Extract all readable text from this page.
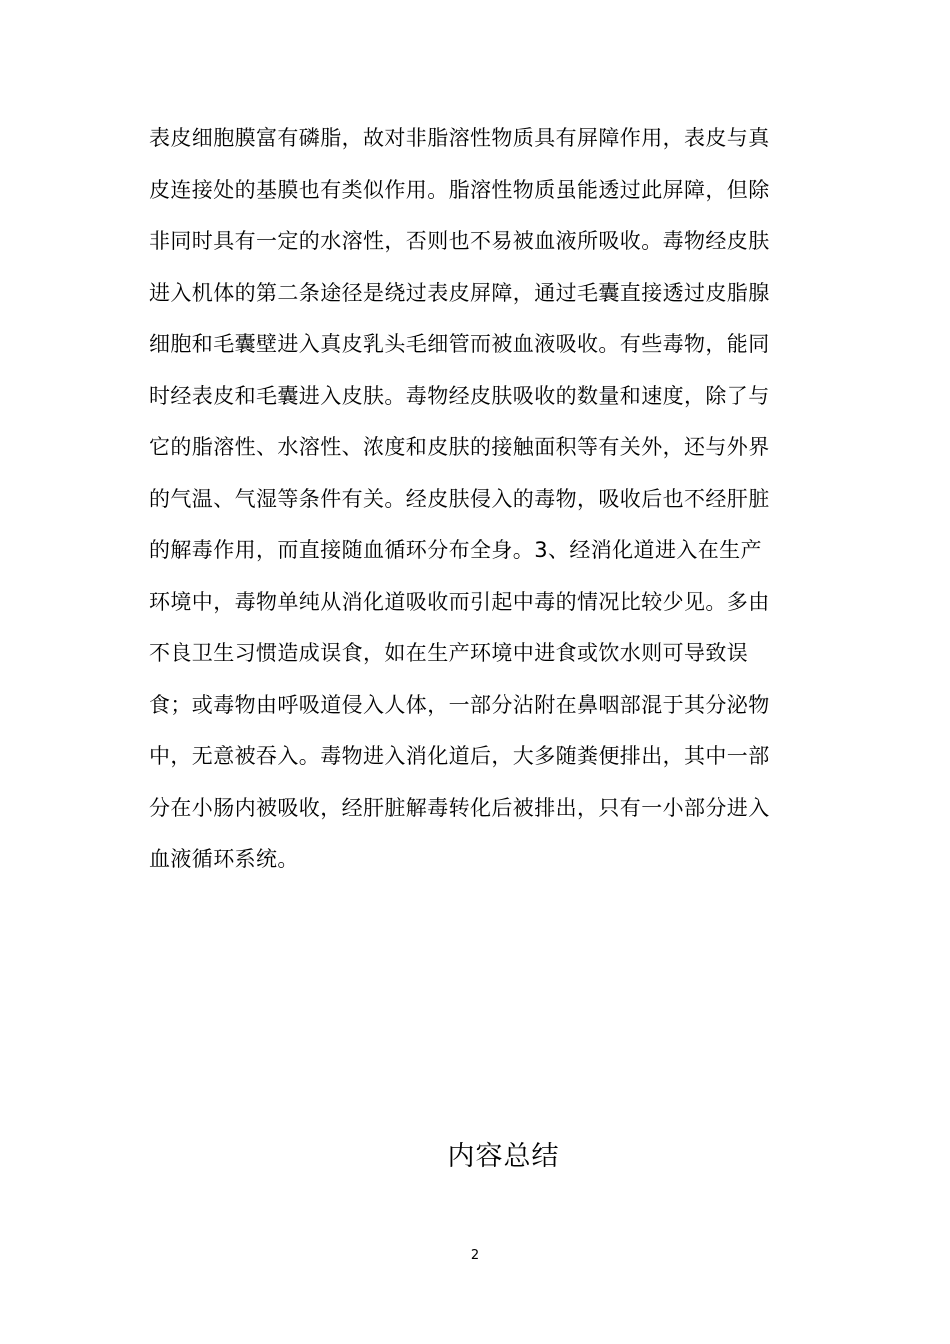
表皮细胞膜富有磷脂，故对非脂溶性物质具有屏障作用，表皮与真
皮连接处的基膜也有类似作用。脂溶性物质虽能透过此屏障，但除
非同时具有一定的水溶性，否则也不易被血液所吸收。毒物经皮肤
进入机体的第二条途径是绕过表皮屏障，通过毛囊直接透过皮脂腺
细胞和毛囊壁进入真皮乳头毛细管而被血液吸收。有些毒物，能同
时经表皮和毛囊进入皮肤。毒物经皮肤吸收的数量和速度，除了与
它的脂溶性、水溶性、浓度和皮肤的接触面积等有关外，还与外界
的气温、气湿等条件有关。经皮肤侵入的毒物，吸收后也不经肝脏
的解毒作用，而直接随血循环分布全身。3、经消化道进入在生产
环境中，毒物单纯从消化道吸收而引起中毒的情况比较少见。多由
不良卫生习惯造成误食，如在生产环境中进食或饮水则可导致误
食；或毒物由呼吸道侵入人体，一部分沾附在鼻咽部混于其分泌物
中，无意被吞入。毒物进入消化道后，大多随粪便排出，其中一部
分在小肠内被吸收，经肝脏解毒转化后被排出，只有一小部分进入
血液循环系统。
内容总结
2
